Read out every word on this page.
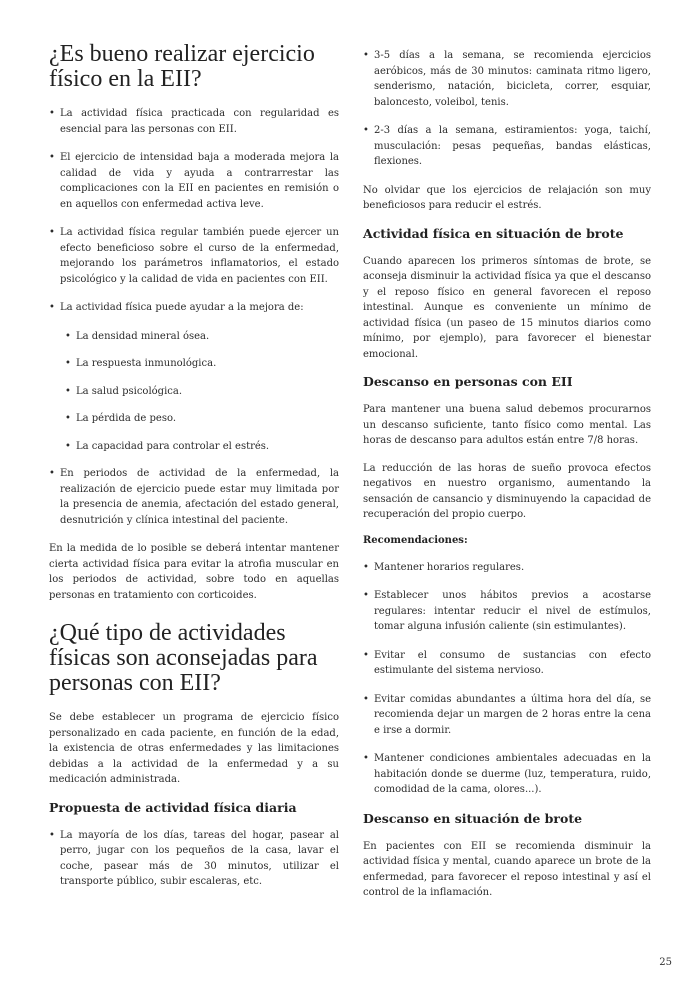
¿Es bueno realizar ejercicio físico en la EII?
• La actividad física practicada con regularidad es esencial para las personas con EII.
• El ejercicio de intensidad baja a moderada mejora la calidad de vida y ayuda a contrarrestar las complicaciones con la EII en pacientes en remisión o en aquellos con enfermedad activa leve.
• La actividad física regular también puede ejercer un efecto beneficioso sobre el curso de la enfermedad, mejorando los parámetros inflamatorios, el estado psicológico y la calidad de vida en pacientes con EII.
• La actividad física puede ayudar a la mejora de:
• La densidad mineral ósea.
• La respuesta inmunológica.
• La salud psicológica.
• La pérdida de peso.
• La capacidad para controlar el estrés.
• En periodos de actividad de la enfermedad, la realización de ejercicio puede estar muy limitada por la presencia de anemia, afectación del estado general, desnutrición y clínica intestinal del paciente.

En la medida de lo posible se deberá intentar mantener cierta actividad física para evitar la atrofia muscular en los periodos de actividad, sobre todo en aquellas personas en tratamiento con corticoides.

¿Qué tipo de actividades físicas son aconsejadas para personas con EII?

Se debe establecer un programa de ejercicio físico personalizado en cada paciente, en función de la edad, la existencia de otras enfermedades y las limitaciones debidas a la actividad de la enfermedad y a su medicación administrada.

Propuesta de actividad física diaria
• La mayoría de los días, tareas del hogar, pasear al perro, jugar con los pequeños de la casa, lavar el coche, pasear más de 30 minutos, utilizar el transporte público, subir escaleras, etc.
• 3-5 días a la semana, se recomienda ejercicios aeróbicos, más de 30 minutos: caminata ritmo ligero, senderismo, natación, bicicleta, correr, esquiar, baloncesto, voleibol, tenis.
• 2-3 días a la semana, estiramientos: yoga, taichí, musculación: pesas pequeñas, bandas elásticas, flexiones.

No olvidar que los ejercicios de relajación son muy beneficiosos para reducir el estrés.

Actividad física en situación de brote

Cuando aparecen los primeros síntomas de brote, se aconseja disminuir la actividad física ya que el descanso y el reposo físico en general favorecen el reposo intestinal. Aunque es conveniente un mínimo de actividad física (un paseo de 15 minutos diarios como mínimo, por ejemplo), para favorecer el bienestar emocional.

Descanso en personas con EII

Para mantener una buena salud debemos procurarnos un descanso suficiente, tanto físico como mental. Las horas de descanso para adultos están entre 7/8 horas.

La reducción de las horas de sueño provoca efectos negativos en nuestro organismo, aumentando la sensación de cansancio y disminuyendo la capacidad de recuperación del propio cuerpo.

Recomendaciones:
• Mantener horarios regulares.
• Establecer unos hábitos previos a acostarse regulares: intentar reducir el nivel de estímulos, tomar alguna infusión caliente (sin estimulantes).
• Evitar el consumo de sustancias con efecto estimulante del sistema nervioso.
• Evitar comidas abundantes a última hora del día, se recomienda dejar un margen de 2 horas entre la cena e irse a dormir.
• Mantener condiciones ambientales adecuadas en la habitación donde se duerme (luz, temperatura, ruido, comodidad de la cama, olores...).
Descanso en situación de brote

En pacientes con EII se recomienda disminuir la actividad física y mental, cuando aparece un brote de la enfermedad, para favorecer el reposo intestinal y así el control de la inflamación.

25
